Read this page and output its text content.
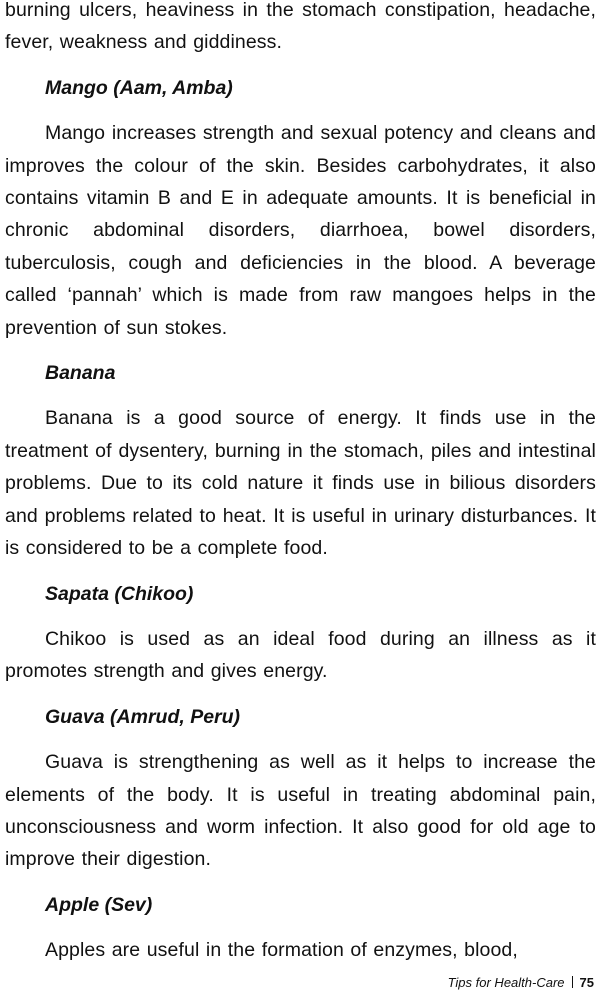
burning ulcers, heaviness in the stomach constipation, headache, fever, weakness and giddiness.

Mango (Aam, Amba)

Mango increases strength and sexual potency and cleans and improves the colour of the skin. Besides carbohydrates, it also contains vitamin B and E in adequate amounts. It is beneficial in chronic abdominal disorders, diarrhoea, bowel disorders, tuberculosis, cough and deficiencies in the blood. A beverage called ‘pannah’ which is made from raw mangoes helps in the prevention of sun stokes.

Banana

Banana is a good source of energy. It finds use in the treatment of dysentery, burning in the stomach, piles and intestinal problems. Due to its cold nature it finds use in bilious disorders and problems related to heat. It is useful in urinary disturbances. It is considered to be a complete food.

Sapata (Chikoo)

Chikoo is used as an ideal food during an illness as it promotes strength and gives energy.

Guava (Amrud, Peru)

Guava is strengthening as well as it helps to increase the elements of the body. It is useful in treating abdominal pain, unconsciousness and worm infection. It also good for old age to improve their digestion.

Apple (Sev)

Apples are useful in the formation of enzymes, blood,

Tips for Health-Care 75
